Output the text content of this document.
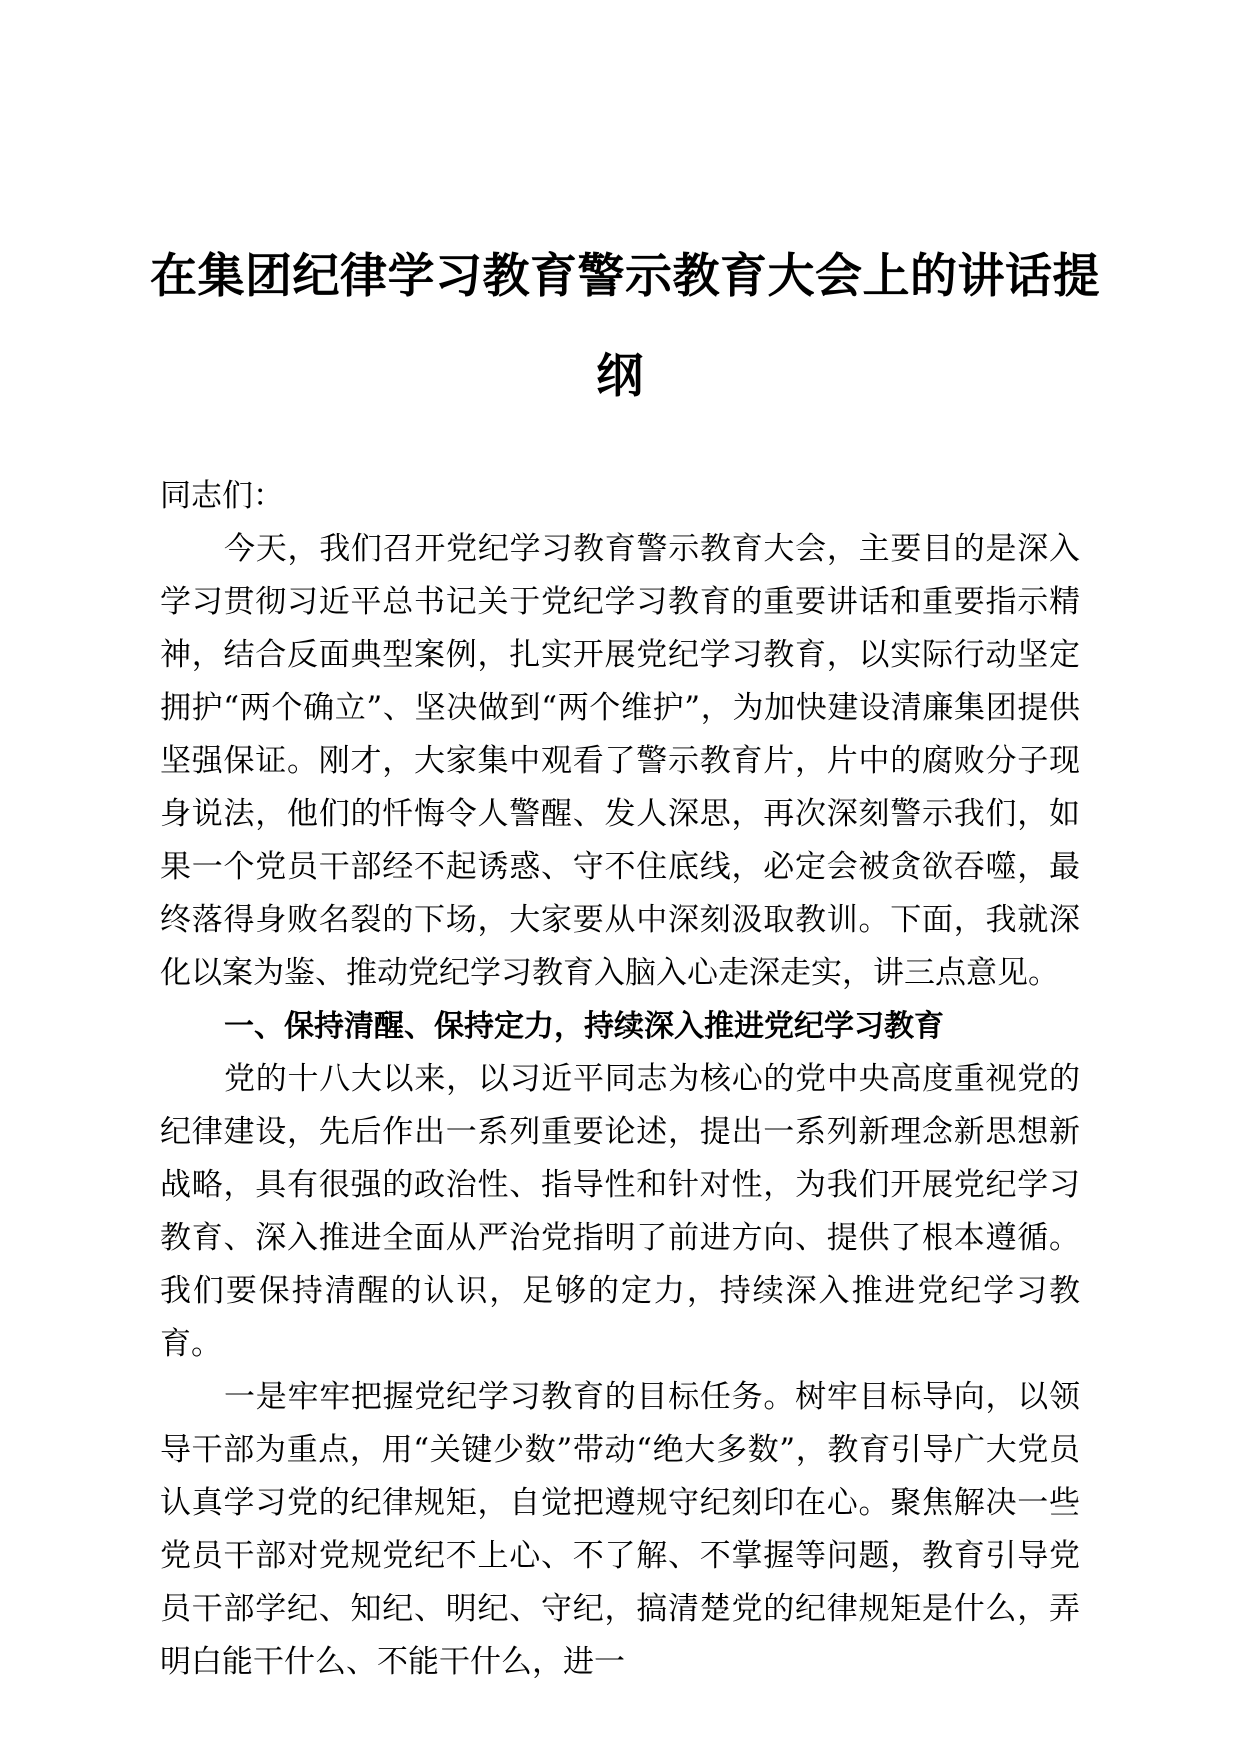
在集团纪律学习教育警示教育大会上的讲话提
纲

同志们：

今天，我们召开党纪学习教育警示教育大会，主要目的是深入学习贯彻习近平总书记关于党纪学习教育的重要讲话和重要指示精神，结合反面典型案例，扎实开展党纪学习教育，以实际行动坚定拥护“两个确立”、坚决做到“两个维护”，为加快建设清廉集团提供坚强保证。刚才，大家集中观看了警示教育片，片中的腐败分子现身说法，他们的忏悔令人警醒、发人深思，再次深刻警示我们，如果一个党员干部经不起诱惑、守不住底线，必定会被贪欲吞噬，最终落得身败名裂的下场，大家要从中深刻汲取教训。下面，我就深化以案为鉴、推动党纪学习教育入脑入心走深走实，讲三点意见。

一、保持清醒、保持定力，持续深入推进党纪学习教育

党的十八大以来，以习近平同志为核心的党中央高度重视党的纪律建设，先后作出一系列重要论述，提出一系列新理念新思想新战略，具有很强的政治性、指导性和针对性，为我们开展党纪学习教育、深入推进全面从严治党指明了前进方向、提供了根本遵循。我们要保持清醒的认识，足够的定力，持续深入推进党纪学习教育。

一是牢牢把握党纪学习教育的目标任务。树牢目标导向，以领导干部为重点，用“关键少数”带动“绝大多数”，教育引导广大党员认真学习党的纪律规矩，自觉把遵规守纪刻印在心。聚焦解决一些党员干部对党规党纪不上心、不了解、不掌握等问题，教育引导党员干部学纪、知纪、明纪、守纪，搞清楚党的纪律规矩是什么，弄明白能干什么、不能干什么，进一
